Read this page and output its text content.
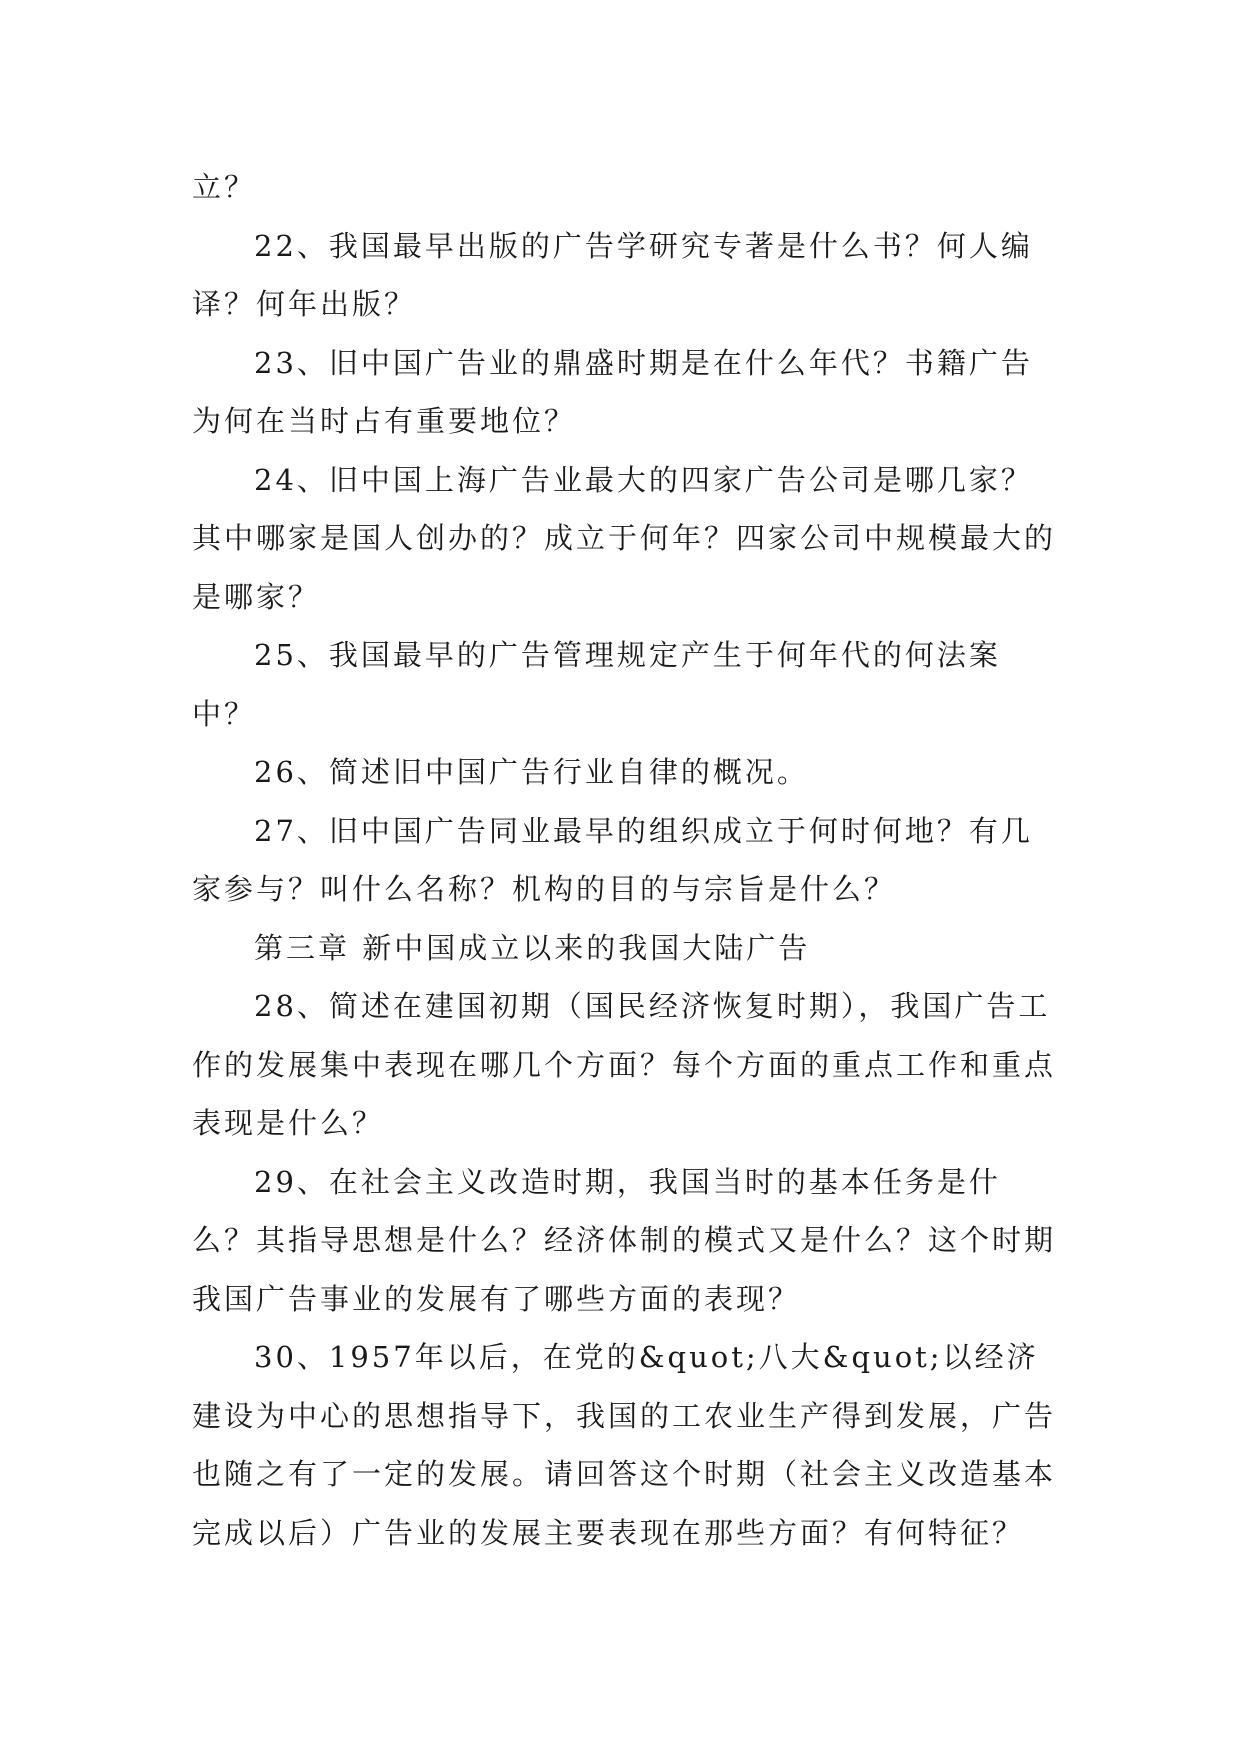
立？

22、我国最早出版的广告学研究专著是什么书？何人编译？何年出版？

23、旧中国广告业的鼎盛时期是在什么年代？书籍广告为何在当时占有重要地位？

24、旧中国上海广告业最大的四家广告公司是哪几家？其中哪家是国人创办的？成立于何年？四家公司中规模最大的是哪家？

25、我国最早的广告管理规定产生于何年代的何法案中？

26、简述旧中国广告行业自律的概况。

27、旧中国广告同业最早的组织成立于何时何地？有几家参与？叫什么名称？机构的目的与宗旨是什么？

第三章 新中国成立以来的我国大陆广告

28、简述在建国初期（国民经济恢复时期），我国广告工作的发展集中表现在哪几个方面？每个方面的重点工作和重点表现是什么？

29、在社会主义改造时期，我国当时的基本任务是什么？其指导思想是什么？经济体制的模式又是什么？这个时期我国广告事业的发展有了哪些方面的表现？

30、1957年以后，在党的&quot;八大&quot;以经济建设为中心的思想指导下，我国的工农业生产得到发展，广告也随之有了一定的发展。请回答这个时期（社会主义改造基本完成以后）广告业的发展主要表现在那些方面？有何特征？
